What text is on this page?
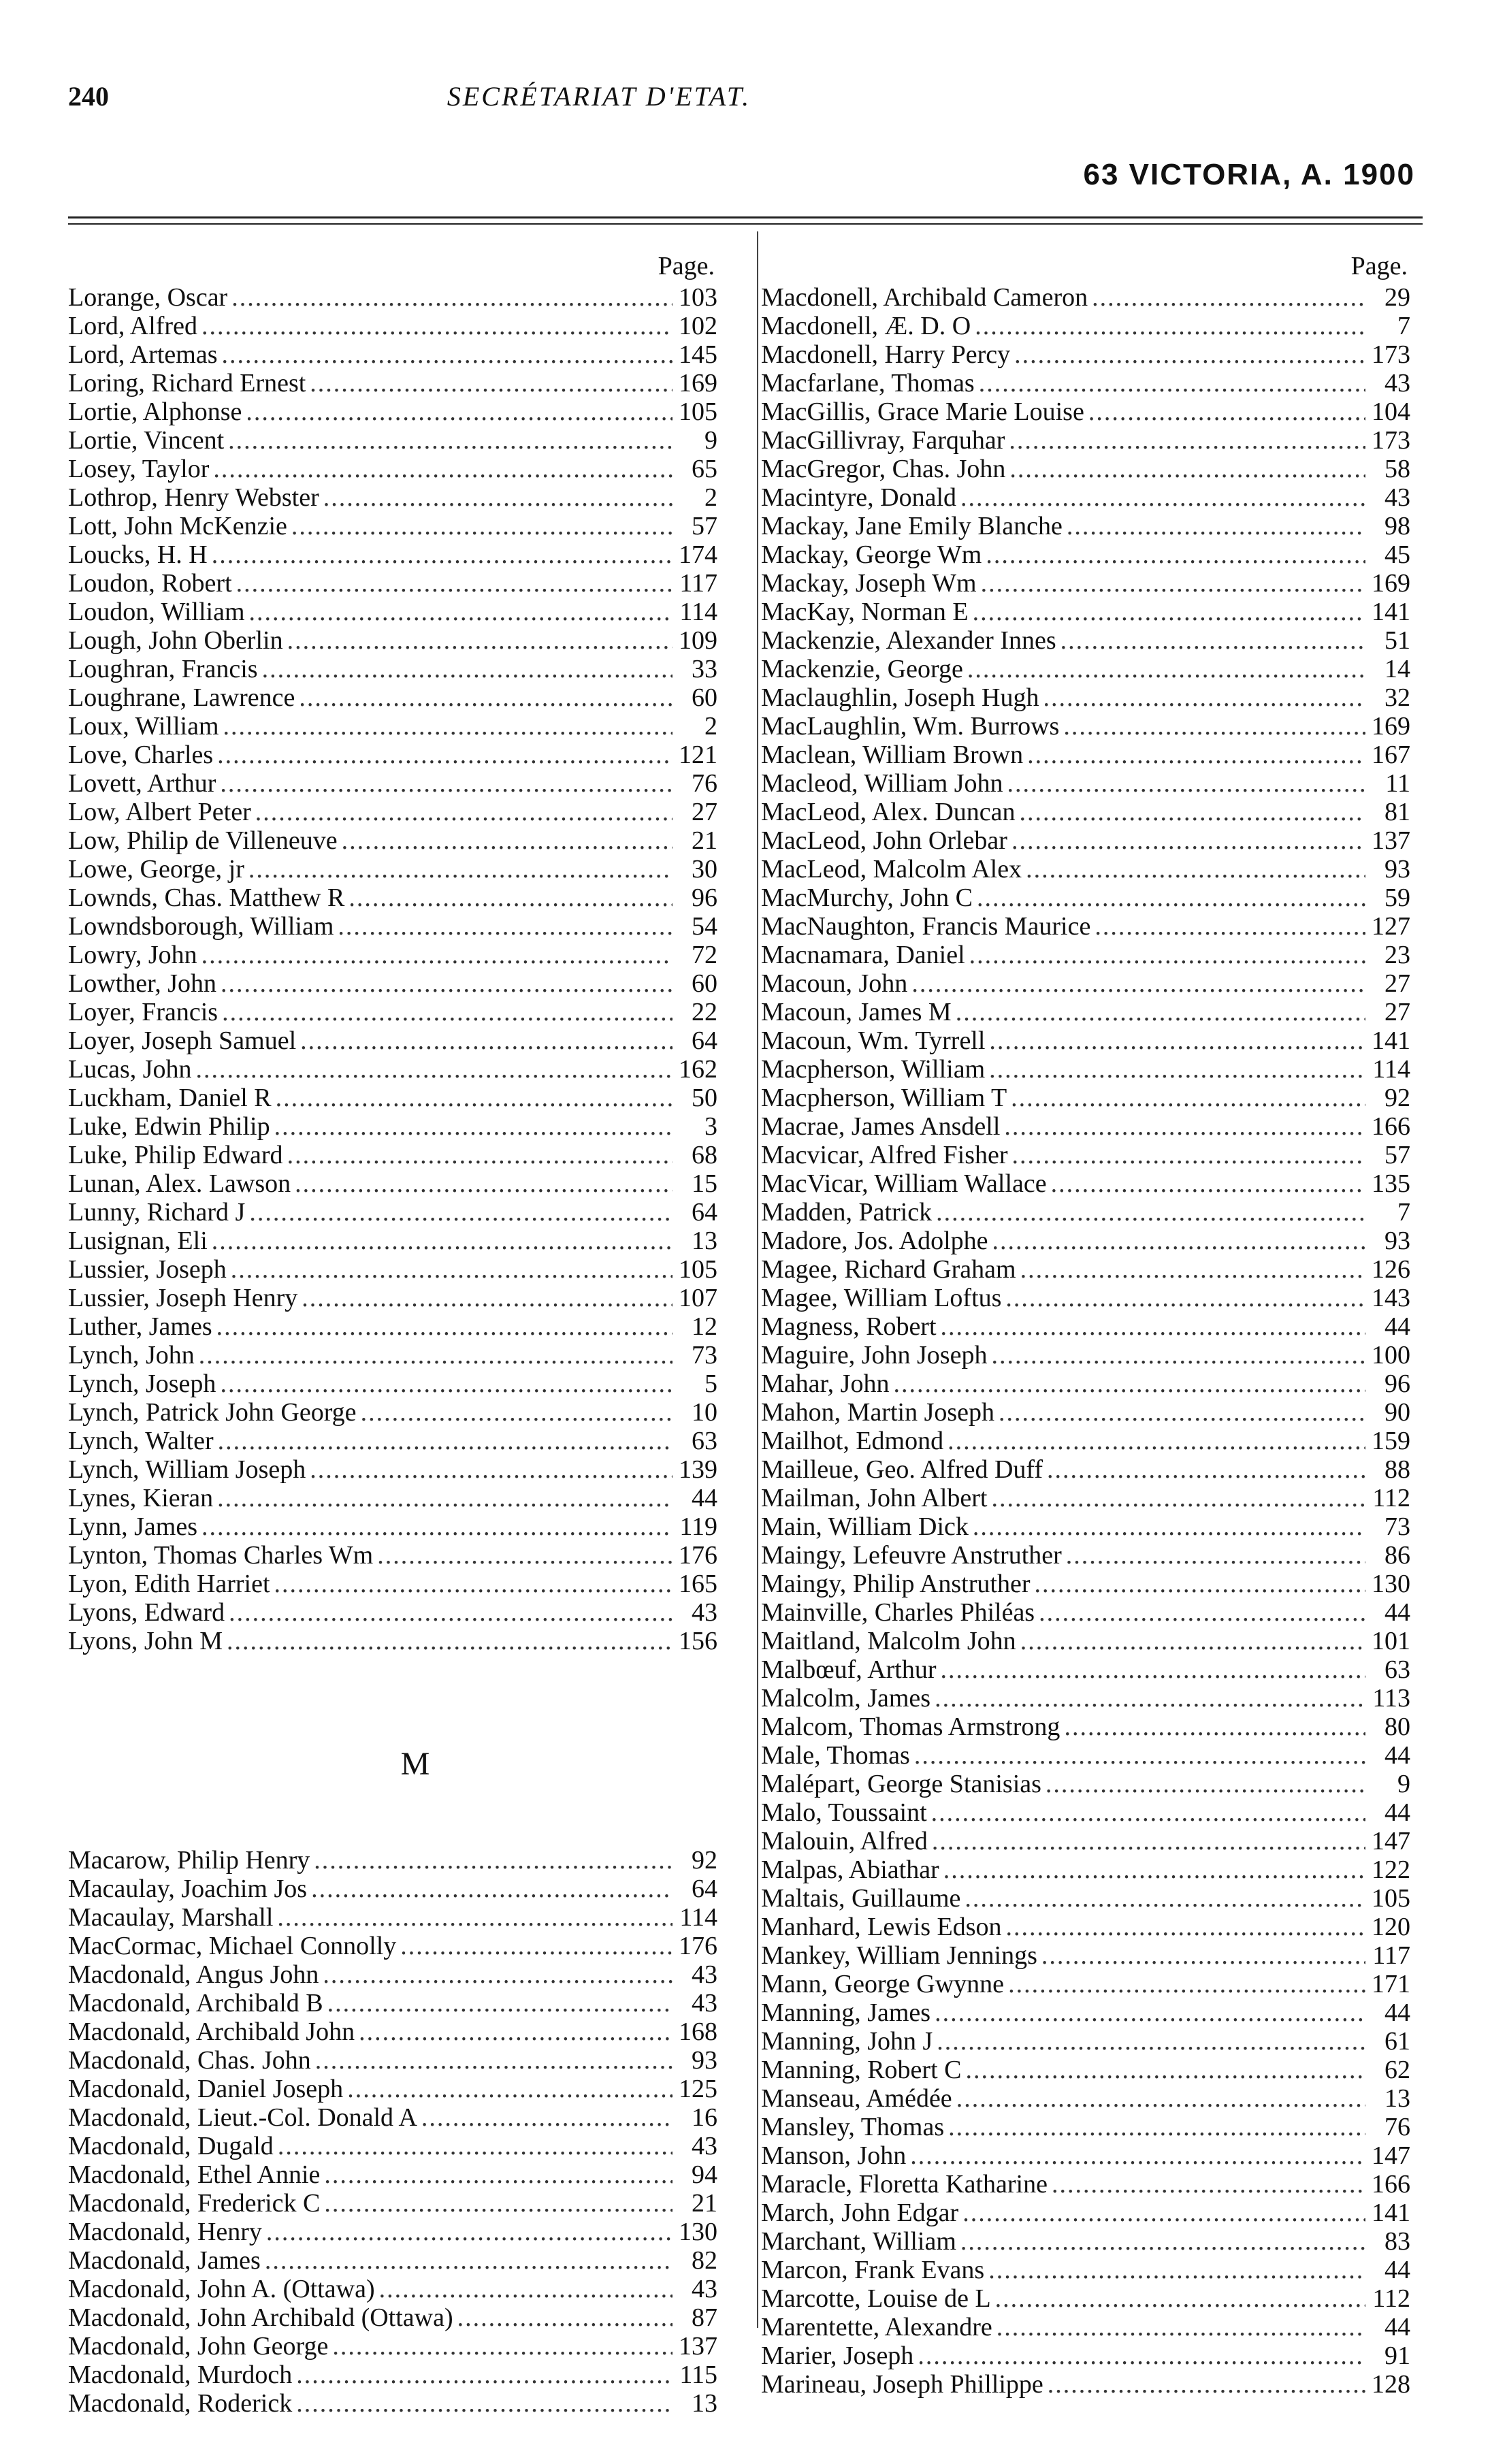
240	SECRÉTARIAT D'ETAT.
63 VICTORIA, A. 1900
Page.
Lorange, Oscar .....	103
Lord, Alfred .....	102
Lord, Artemas .....	145
Loring, Richard Ernest .....	169
Lortie, Alphonse .....	105
Lortie, Vincent .....	9
Losey, Taylor .....	65
Lothrop, Henry Webster .....	2
Lott, John McKenzie .....	57
Loucks, H. H .....	174
Loudon, Robert .....	117
Loudon, William .....	114
Lough, John Oberlin .....	109
Loughran, Francis .....	33
Loughrane, Lawrence .....	60
Loux, William .....	2
Love, Charles .....	121
Lovett, Arthur .....	76
Low, Albert Peter .....	27
Low, Philip de Villeneuve .....	21
Lowe, George, jr .....	30
Lownds, Chas. Matthew R .....	96
Lowndsborough, William .....	54
Lowry, John .....	72
Lowther, John .....	60
Loyer, Francis .....	22
Loyer, Joseph Samuel .....	64
Lucas, John .....	162
Luckham, Daniel R .....	50
Luke, Edwin Philip .....	3
Luke, Philip Edward .....	68
Lunan, Alex. Lawson .....	15
Lunny, Richard J .....	64
Lusignan, Eli .....	13
Lussier, Joseph .....	105
Lussier, Joseph Henry .....	107
Luther, James .....	12
Lynch, John .....	73
Lynch, Joseph .....	5
Lynch, Patrick John George .....	10
Lynch, Walter .....	63
Lynch, William Joseph .....	139
Lynes, Kieran .....	44
Lynn, James .....	119
Lynton, Thomas Charles Wm .....	176
Lyon, Edith Harriet .....	165
Lyons, Edward .....	43
Lyons, John M .....	156
M
Macarow, Philip Henry .....	92
Macaulay, Joachim Jos .....	64
Macaulay, Marshall .....	114
MacCormac, Michael Connolly .....	176
Macdonald, Angus John .....	43
Macdonald, Archibald B .....	43
Macdonald, Archibald John .....	168
Macdonald, Chas. John .....	93
Macdonald, Daniel Joseph .....	125
Macdonald, Lieut.-Col. Donald A .....	16
Macdonald, Dugald .....	43
Macdonald, Ethel Annie .....	94
Macdonald, Frederick C .....	21
Macdonald, Henry .....	130
Macdonald, James .....	82
Macdonald, John A. (Ottawa) .....	43
Macdonald, John Archibald (Ottawa) .....	87
Macdonald, John George .....	137
Macdonald, Murdoch .....	115
Macdonald, Roderick .....	13
Page.
Macdonell, Archibald Cameron .....	29
Macdonell, Æ. D. O .....	7
Macdonell, Harry Percy .....	173
Macfarlane, Thomas .....	43
MacGillis, Grace Marie Louise .....	104
MacGillivray, Farquhar .....	173
MacGregor, Chas. John .....	58
Macintyre, Donald .....	43
Mackay, Jane Emily Blanche .....	98
Mackay, George Wm .....	45
Mackay, Joseph Wm .....	169
MacKay, Norman E .....	141
Mackenzie, Alexander Innes .....	51
Mackenzie, George .....	14
Maclaughlin, Joseph Hugh .....	32
MacLaughlin, Wm. Burrows .....	169
Maclean, William Brown .....	167
Macleod, William John .....	11
MacLeod, Alex. Duncan .....	81
MacLeod, John Orlebar .....	137
MacLeod, Malcolm Alex .....	93
MacMurchy, John C .....	59
MacNaughton, Francis Maurice .....	127
Macnamara, Daniel .....	23
Macoun, John .....	27
Macoun, James M .....	27
Macoun, Wm. Tyrrell .....	141
Macpherson, William .....	114
Macpherson, William T .....	92
Macrae, James Ansdell .....	166
Macvicar, Alfred Fisher .....	57
MacVicar, William Wallace .....	135
Madden, Patrick .....	7
Madore, Jos. Adolphe .....	93
Magee, Richard Graham .....	126
Magee, William Loftus .....	143
Magness, Robert .....	44
Maguire, John Joseph .....	100
Mahar, John .....	96
Mahon, Martin Joseph .....	90
Mailhot, Edmond .....	159
Mailleue, Geo. Alfred Duff .....	88
Mailman, John Albert .....	112
Main, William Dick .....	73
Maingy, Lefeuvre Anstruther .....	86
Maingy, Philip Anstruther .....	130
Mainville, Charles Philéas .....	44
Maitland, Malcolm John .....	101
Malbœuf, Arthur .....	63
Malcolm, James .....	113
Malcom, Thomas Armstrong .....	80
Male, Thomas .....	44
Malépart, George Stanisias .....	9
Malo, Toussaint .....	44
Malouin, Alfred .....	147
Malpas, Abiathar .....	122
Maltais, Guillaume .....	105
Manhard, Lewis Edson .....	120
Mankey, William Jennings .....	117
Mann, George Gwynne .....	171
Manning, James .....	44
Manning, John J .....	61
Manning, Robert C .....	62
Manseau, Amédée .....	13
Mansley, Thomas .....	76
Manson, John .....	147
Maracle, Floretta Katharine .....	166
March, John Edgar .....	141
Marchant, William .....	83
Marcon, Frank Evans .....	44
Marcotte, Louise de L .....	112
Marentette, Alexandre .....	44
Marier, Joseph .....	91
Marineau, Joseph Phillippe .....	128
